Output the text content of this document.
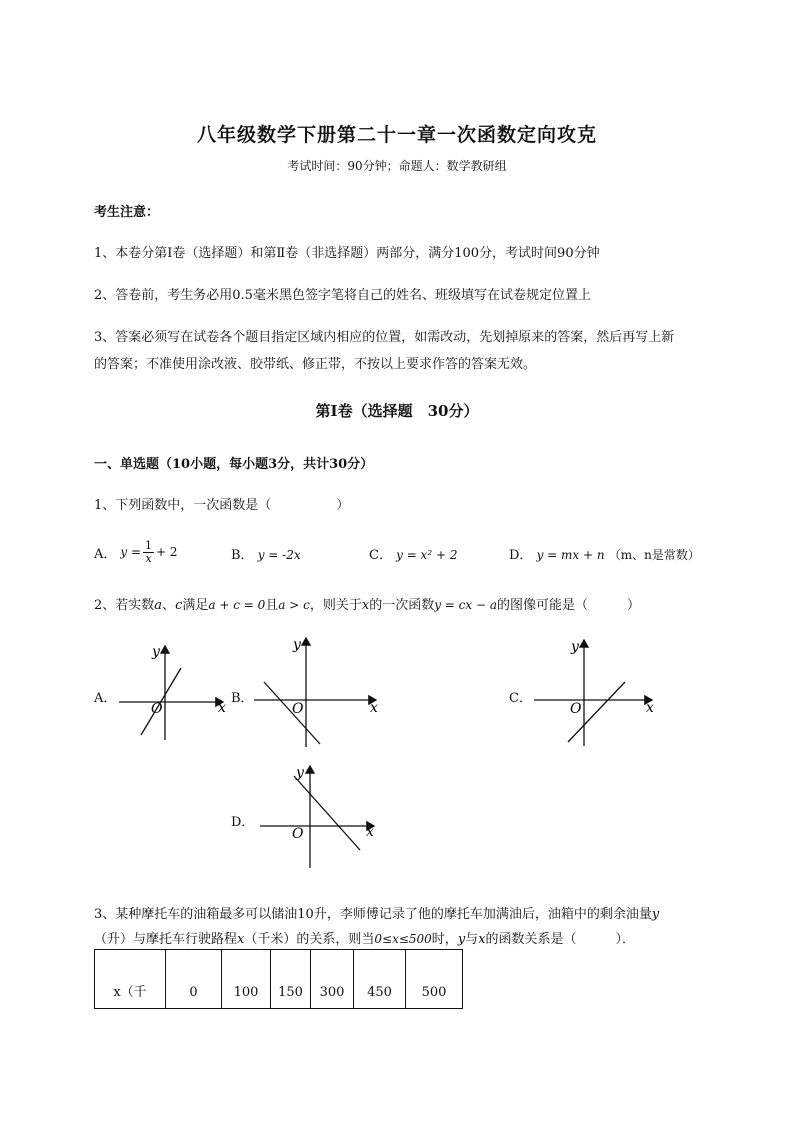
八年级数学下册第二十一章一次函数定向攻克
考试时间：90分钟；命题人：数学教研组
考生注意：
1、本卷分第I卷（选择题）和第Ⅱ卷（非选择题）两部分，满分100分，考试时间90分钟
2、答卷前，考生务必用0.5毫米黑色签字笔将自己的姓名、班级填写在试卷规定位置上
3、答案必须写在试卷各个题目指定区域内相应的位置，如需改动，先划掉原来的答案，然后再写上新
的答案；不准使用涂改液、胶带纸、修正带，不按以上要求作答的答案无效。
第I卷（选择题　30分）
一、单选题（10小题，每小题3分，共计30分）
1、下列函数中，一次函数是（　　　　　）
A． $y = \frac{1}{x} + 2$	B． y = -2x	C． y = x² + 2	D． y = mx + n （m、n是常数）
2、若实数a、c满足a + c = 0且a > c，则关于x的一次函数y = cx − a的图像可能是（　　　）
A．
y
x
O
B．
y
x
O
C．
y
x
O
D．
y
x
O
3、某种摩托车的油箱最多可以储油10升，李师傅记录了他的摩托车加满油后，油箱中的剩余油量y
（升）与摩托车行驶路程x（千米）的关系，则当0≤x≤500时，y与x的函数关系是（　　　）．
x（千	0	100	150	300	450	500
